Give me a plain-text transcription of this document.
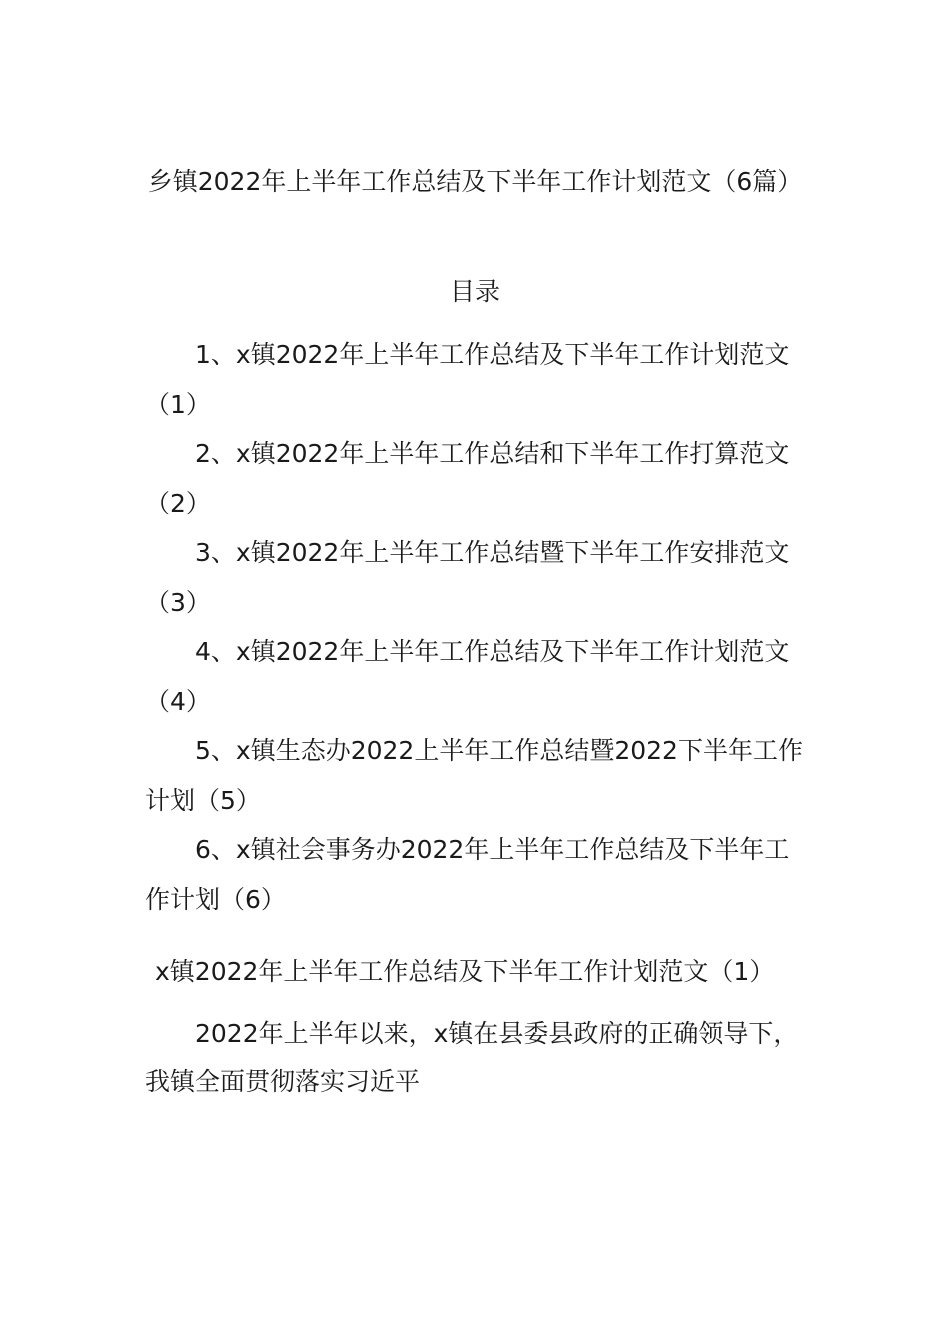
乡镇2022年上半年工作总结及下半年工作计划范文（6篇）
目录
1、x镇2022年上半年工作总结及下半年工作计划范文（1）
2、x镇2022年上半年工作总结和下半年工作打算范文（2）
3、x镇2022年上半年工作总结暨下半年工作安排范文（3）
4、x镇2022年上半年工作总结及下半年工作计划范文（4）
5、x镇生态办2022上半年工作总结暨2022下半年工作计划（5）
6、x镇社会事务办2022年上半年工作总结及下半年工作计划（6）
x镇2022年上半年工作总结及下半年工作计划范文（1）

2022年上半年以来，x镇在县委县政府的正确领导下，我镇全面贯彻落实习近平
